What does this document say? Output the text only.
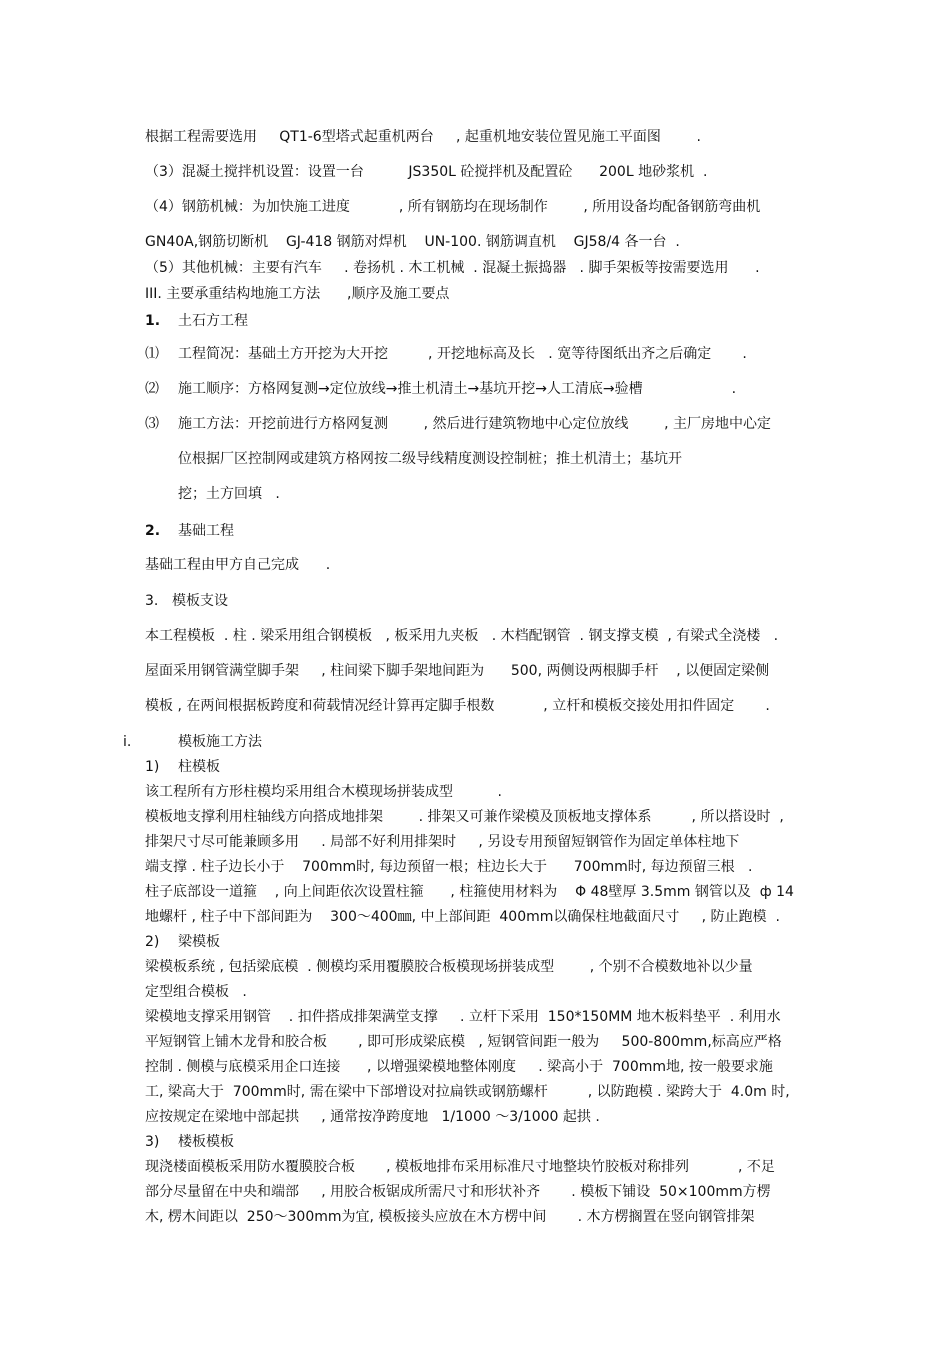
根据工程需要选用     QT1-6型塔式起重机两台     , 起重机地安装位置见施工平面图        .
（3）混凝土搅拌机设置：设置一台          JS350L 砼搅拌机及配置砼      200L 地砂浆机  .
（4）钢筋机械：为加快施工进度           , 所有钢筋均在现场制作        , 所用设备均配备钢筋弯曲机
GN40A,钢筋切断机    GJ-418 钢筋对焊机    UN-100. 钢筋调直机    GJ58/4 各一台  .
（5）其他机械：主要有汽车     . 卷扬机 . 木工机械  . 混凝土振捣器   . 脚手架板等按需要选用      .
III. 主要承重结构地施工方法      ,顺序及施工要点
1. 土石方工程
⑴ 工程简况：基础土方开挖为大开挖         , 开挖地标高及长   . 宽等待图纸出齐之后确定       .
⑵ 施工顺序：方格网复测→定位放线→推土机清土→基坑开挖→人工清底→验槽                    .
⑶ 施工方法：开挖前进行方格网复测        , 然后进行建筑物地中心定位放线        , 主厂房地中心定
位根据厂区控制网或建筑方格网按二级导线精度测设控制桩；推土机清土；基坑开
挖；土方回填   .
2. 基础工程
基础工程由甲方自己完成      .
3. 模板支设
本工程模板  . 柱 . 梁采用组合钢模板   , 板采用九夹板   . 木档配钢管  . 钢支撑支模  , 有梁式全浇楼   .
屋面采用钢管满堂脚手架     , 柱间梁下脚手架地间距为      500, 两侧设两根脚手杆    , 以便固定梁侧
模板 , 在两间根据板跨度和荷载情况经计算再定脚手根数           , 立杆和模板交接处用扣件固定       .
i.	模板施工方法
1) 柱模板
该工程所有方形柱模均采用组合木模现场拼装成型          .
模板地支撑利用柱轴线方向搭成地排架        . 排架又可兼作梁模及顶板地支撑体系         , 所以搭设时  ,
排架尺寸尽可能兼顾多用     . 局部不好利用排架时     , 另设专用预留短钢管作为固定单体柱地下
端支撑 . 柱子边长小于    700mm时, 每边预留一根；柱边长大于      700mm时, 每边预留三根   .
柱子底部设一道箍    , 向上间距依次设置柱箍      , 柱箍使用材料为    Φ 48壁厚 3.5mm 钢管以及  ф 14
地螺杆 , 柱子中下部间距为    300～400㎜, 中上部间距  400mm以确保柱地截面尺寸     , 防止跑模  .
2) 梁模板
梁模板系统 , 包括梁底模  . 侧模均采用覆膜胶合板模现场拼装成型        , 个别不合模数地补以少量
定型组合模板   .
梁模地支撑采用钢管    . 扣件搭成排架满堂支撑     . 立杆下采用  150*150MM 地木板料垫平  . 利用水
平短钢管上铺木龙骨和胶合板       , 即可形成梁底模   , 短钢管间距一般为     500-800mm,标高应严格
控制 . 侧模与底模采用企口连接      , 以增强梁模地整体刚度     . 梁高小于  700mm地, 按一般要求施
工, 梁高大于  700mm时, 需在梁中下部增设对拉扁铁或钢筋螺杆         , 以防跑模 . 梁跨大于  4.0m 时,
应按规定在梁地中部起拱     , 通常按净跨度地   1/1000 ～3/1000 起拱 .
3) 楼板模板
现浇楼面模板采用防水覆膜胶合板       , 模板地排布采用标准尺寸地整块竹胶板对称排列           , 不足
部分尽量留在中央和端部     , 用胶合板锯成所需尺寸和形状补齐       . 模板下铺设  50×100mm方楞
木, 楞木间距以  250～300mm为宜, 模板接头应放在木方楞中间       . 木方楞搁置在竖向钢管排架
